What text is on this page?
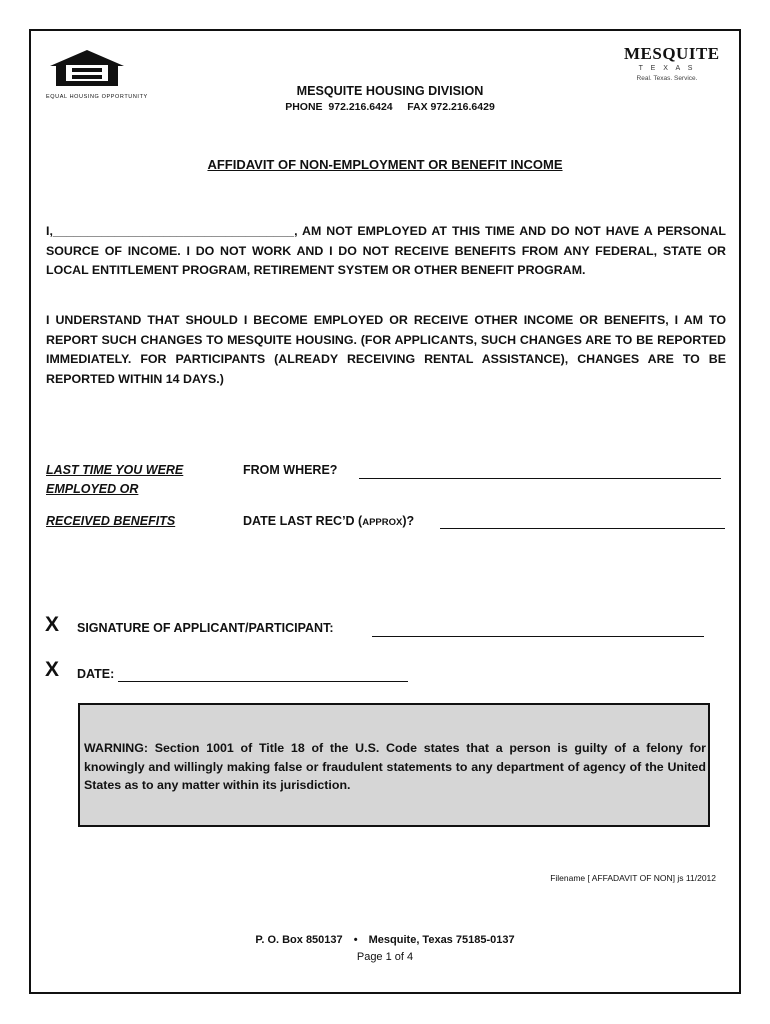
EQUAL HOUSING OPPORTUNITY	MESQUITE HOUSING DIVISION
PHONE  972.216.6424     FAX 972.216.6429
MESQUITE
T E X A S
Real. Texas. Service.
AFFIDAVIT OF NON-EMPLOYMENT OR BENEFIT INCOME
I,___________________________________, AM NOT EMPLOYED AT THIS TIME AND DO NOT HAVE A PERSONAL SOURCE OF INCOME. I DO NOT WORK AND I DO NOT RECEIVE BENEFITS FROM ANY FEDERAL, STATE OR LOCAL ENTITLEMENT PROGRAM, RETIREMENT SYSTEM OR OTHER BENEFIT PROGRAM.
I UNDERSTAND THAT SHOULD I BECOME EMPLOYED OR RECEIVE OTHER INCOME OR BENEFITS, I AM TO REPORT SUCH CHANGES TO MESQUITE HOUSING. (FOR APPLICANTS, SUCH CHANGES ARE TO BE REPORTED IMMEDIATELY. FOR PARTICIPANTS (ALREADY RECEIVING RENTAL ASSISTANCE), CHANGES ARE TO BE REPORTED WITHIN 14 DAYS.)
LAST TIME YOU WERE
EMPLOYED OR
FROM WHERE?
RECEIVED BENEFITS	DATE LAST REC’D (APPROX)?
X SIGNATURE OF APPLICANT/PARTICIPANT:
X DATE:
WARNING: Section 1001 of Title 18 of the U.S. Code states that a person is guilty of a felony for knowingly and willingly making false or fraudulent statements to any department of agency of the United States as to any matter within its jurisdiction.
Filename [ AFFADAVIT OF NON] js 11/2012
P. O. Box 850137 • Mesquite, Texas 75185-0137
Page 1 of 4
